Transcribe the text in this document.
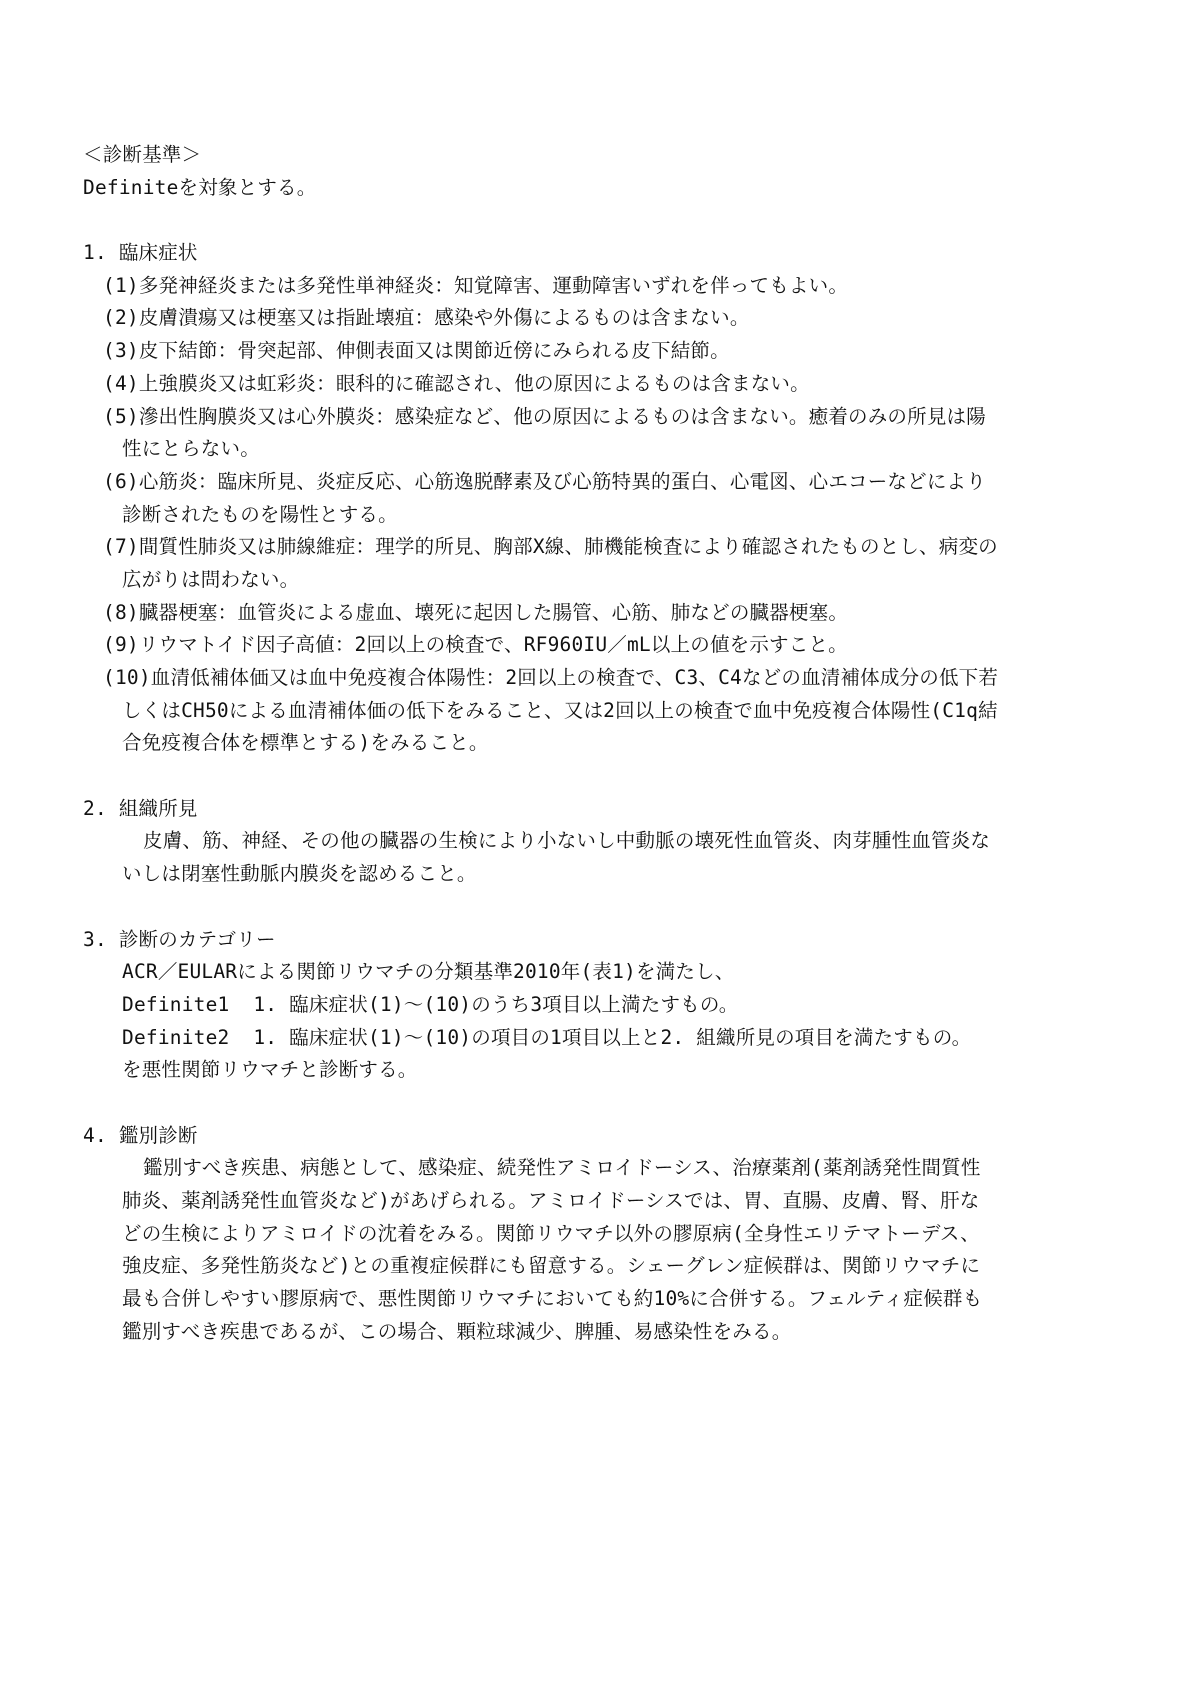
＜診断基準＞
Definiteを対象とする。
1. 臨床症状
(1)多発神経炎または多発性単神経炎：知覚障害、運動障害いずれを伴ってもよい。
(2)皮膚潰瘍又は梗塞又は指趾壊疽：感染や外傷によるものは含まない。
(3)皮下結節：骨突起部、伸側表面又は関節近傍にみられる皮下結節。
(4)上強膜炎又は虹彩炎：眼科的に確認され、他の原因によるものは含まない。
(5)滲出性胸膜炎又は心外膜炎：感染症など、他の原因によるものは含まない。癒着のみの所見は陽
性にとらない。
(6)心筋炎：臨床所見、炎症反応、心筋逸脱酵素及び心筋特異的蛋白、心電図、心エコーなどにより
診断されたものを陽性とする。
(7)間質性肺炎又は肺線維症：理学的所見、胸部X線、肺機能検査により確認されたものとし、病変の
広がりは問わない。
(8)臓器梗塞：血管炎による虚血、壊死に起因した腸管、心筋、肺などの臓器梗塞。
(9)リウマトイド因子高値：2回以上の検査で、RF960IU／mL以上の値を示すこと。
(10)血清低補体価又は血中免疫複合体陽性：2回以上の検査で、C3、C4などの血清補体成分の低下若
しくはCH50による血清補体価の低下をみること、又は2回以上の検査で血中免疫複合体陽性(C1q結
合免疫複合体を標準とする)をみること。
2. 組織所見
皮膚、筋、神経、その他の臓器の生検により小ないし中動脈の壊死性血管炎、肉芽腫性血管炎な
いしは閉塞性動脈内膜炎を認めること。
3. 診断のカテゴリー
ACR／EULARによる関節リウマチの分類基準2010年(表1)を満たし、
Definite1  1. 臨床症状(1)～(10)のうち3項目以上満たすもの。
Definite2  1. 臨床症状(1)～(10)の項目の1項目以上と2. 組織所見の項目を満たすもの。
を悪性関節リウマチと診断する。
4. 鑑別診断
鑑別すべき疾患、病態として、感染症、続発性アミロイドーシス、治療薬剤(薬剤誘発性間質性
肺炎、薬剤誘発性血管炎など)があげられる。アミロイドーシスでは、胃、直腸、皮膚、腎、肝な
どの生検によりアミロイドの沈着をみる。関節リウマチ以外の膠原病(全身性エリテマトーデス、
強皮症、多発性筋炎など)との重複症候群にも留意する。シェーグレン症候群は、関節リウマチに
最も合併しやすい膠原病で、悪性関節リウマチにおいても約10%に合併する。フェルティ症候群も
鑑別すべき疾患であるが、この場合、顆粒球減少、脾腫、易感染性をみる。
